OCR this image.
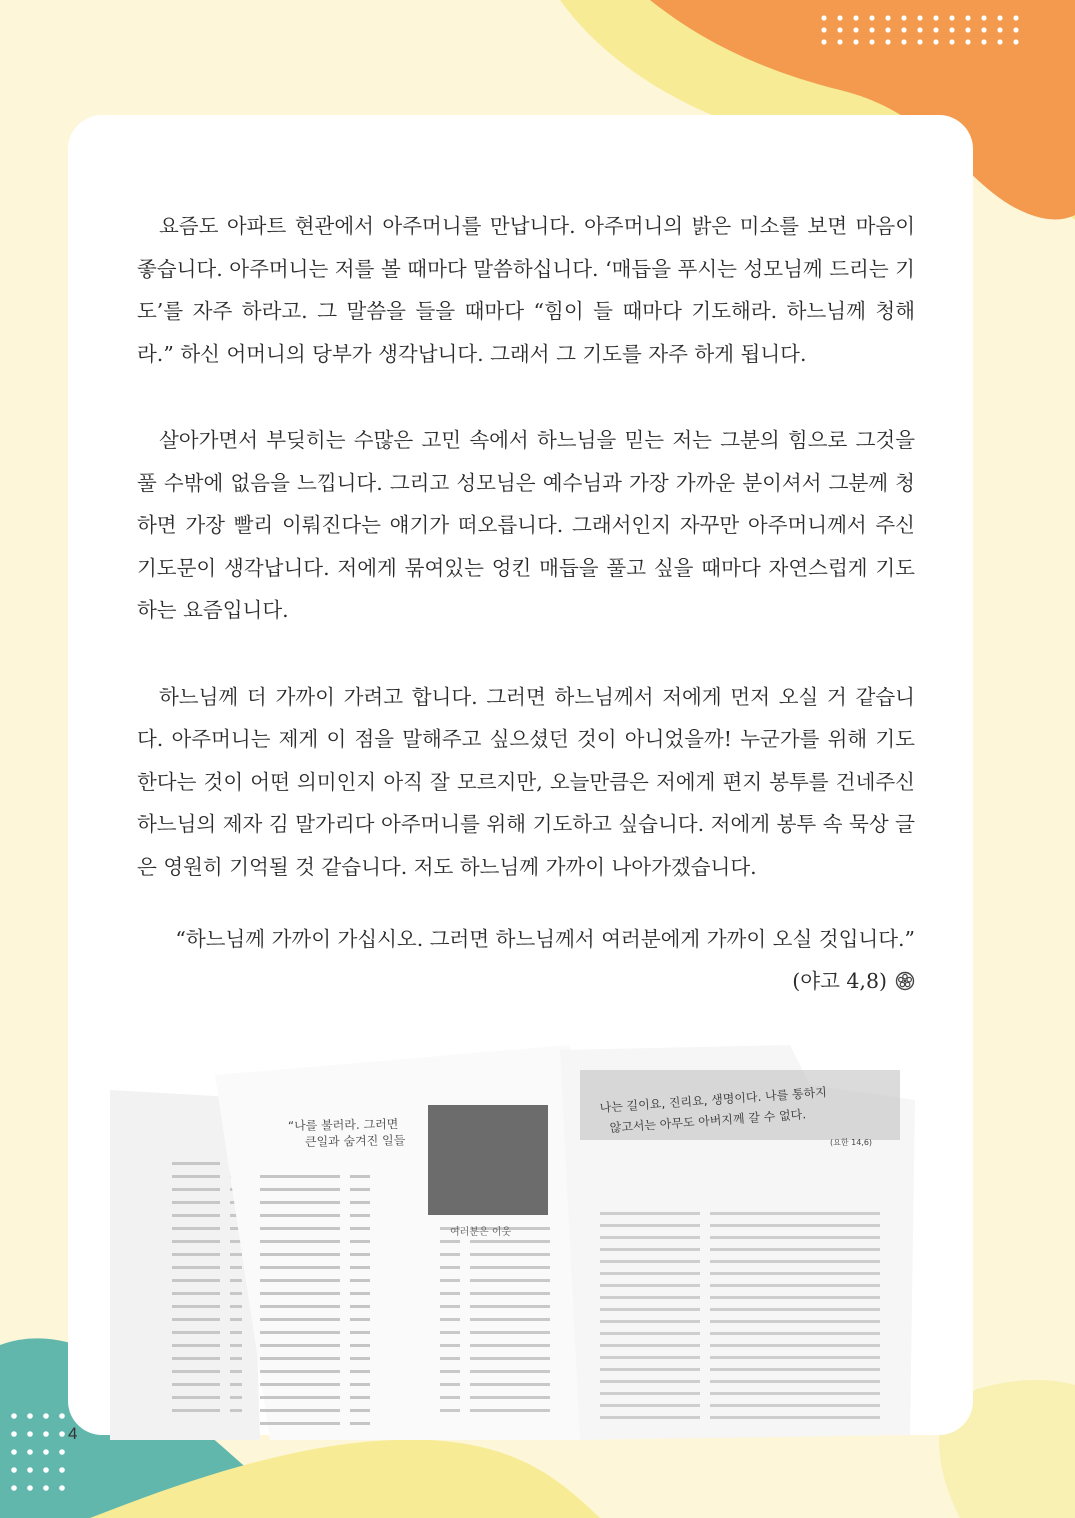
요즘도 아파트 현관에서 아주머니를 만납니다. 아주머니의 밝은 미소를 보면 마음이 좋습니다. 아주머니는 저를 볼 때마다 말씀하십니다. ‘매듭을 푸시는 성모님께 드리는 기도’를 자주 하라고. 그 말씀을 들을 때마다 “힘이 들 때마다 기도해라. 하느님께 청해라.” 하신 어머니의 당부가 생각납니다. 그래서 그 기도를 자주 하게 됩니다.

살아가면서 부딪히는 수많은 고민 속에서 하느님을 믿는 저는 그분의 힘으로 그것을 풀 수밖에 없음을 느낍니다. 그리고 성모님은 예수님과 가장 가까운 분이셔서 그분께 청하면 가장 빨리 이뤄진다는 얘기가 떠오릅니다. 그래서인지 자꾸만 아주머니께서 주신 기도문이 생각납니다. 저에게 묶여있는 엉킨 매듭을 풀고 싶을 때마다 자연스럽게 기도하는 요즘입니다.

하느님께 더 가까이 가려고 합니다. 그러면 하느님께서 저에게 먼저 오실 거 같습니다. 아주머니는 제게 이 점을 말해주고 싶으셨던 것이 아니었을까! 누군가를 위해 기도한다는 것이 어떤 의미인지 아직 잘 모르지만, 오늘만큼은 저에게 편지 봉투를 건네주신 하느님의 제자 김 말가리다 아주머니를 위해 기도하고 싶습니다. 저에게 봉투 속 묵상 글은 영원히 기억될 것 같습니다. 저도 하느님께 가까이 나아가겠습니다.

“하느님께 가까이 가십시오. 그러면 하느님께서 여러분에게 가까이 오실 것입니다.”
(야고 4,8)
“나를 불러라. 그러면
큰일과 숨겨진 일들
여러분은 이웃
나는 길이요, 진리요, 생명이다. 나를 통하지
않고서는 아무도 아버지께 갈 수 없다.
(요한 14,6)
4
